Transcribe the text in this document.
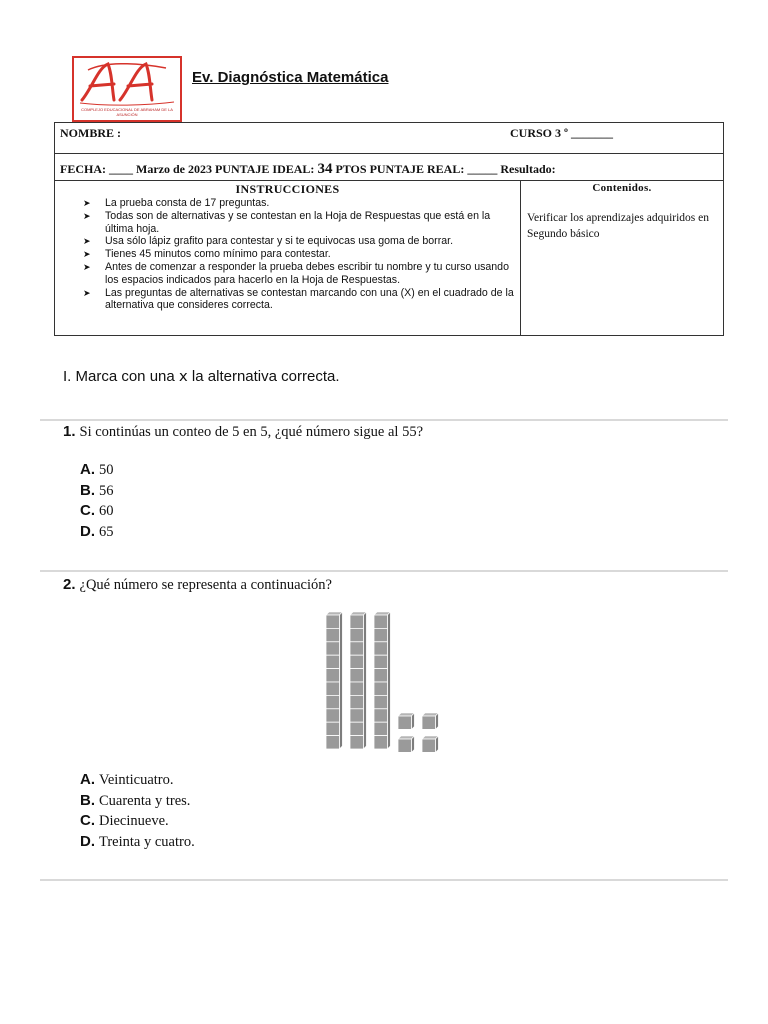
COMPLEJO EDUCACIONAL DE ABRAHAM DE LA ASUNCIÓN
Ev. Diagnóstica Matemática
NOMBRE :	CURSO 3 º _______
FECHA: ____ Marzo de 2023 PUNTAJE IDEAL: 34 PTOS PUNTAJE REAL: _____ Resultado:
INSTRUCCIONES
➤ La prueba consta de 17 preguntas.
➤ Todas son de alternativas y se contestan en la Hoja de Respuestas que está en la última hoja.
➤ Usa sólo lápiz grafito para contestar y si te equivocas usa goma de borrar.
➤ Tienes 45 minutos como mínimo para contestar.
➤ Antes de comenzar a responder la prueba debes escribir tu nombre y tu curso usando los espacios indicados para hacerlo en la Hoja de Respuestas.
➤ Las preguntas de alternativas se contestan marcando con una (X) en el cuadrado de la alternativa que consideres correcta.
Contenidos.
Verificar los aprendizajes adquiridos en Segundo básico
I. Marca con una ⅹ la alternativa correcta.
1. Si continúas un conteo de 5 en 5, ¿qué número sigue al 55?
A. 50
B. 56
C. 60
D. 65
2. ¿Qué número se representa a continuación?
A. Veinticuatro.
B. Cuarenta y tres.
C. Diecinueve.
D. Treinta y cuatro.
